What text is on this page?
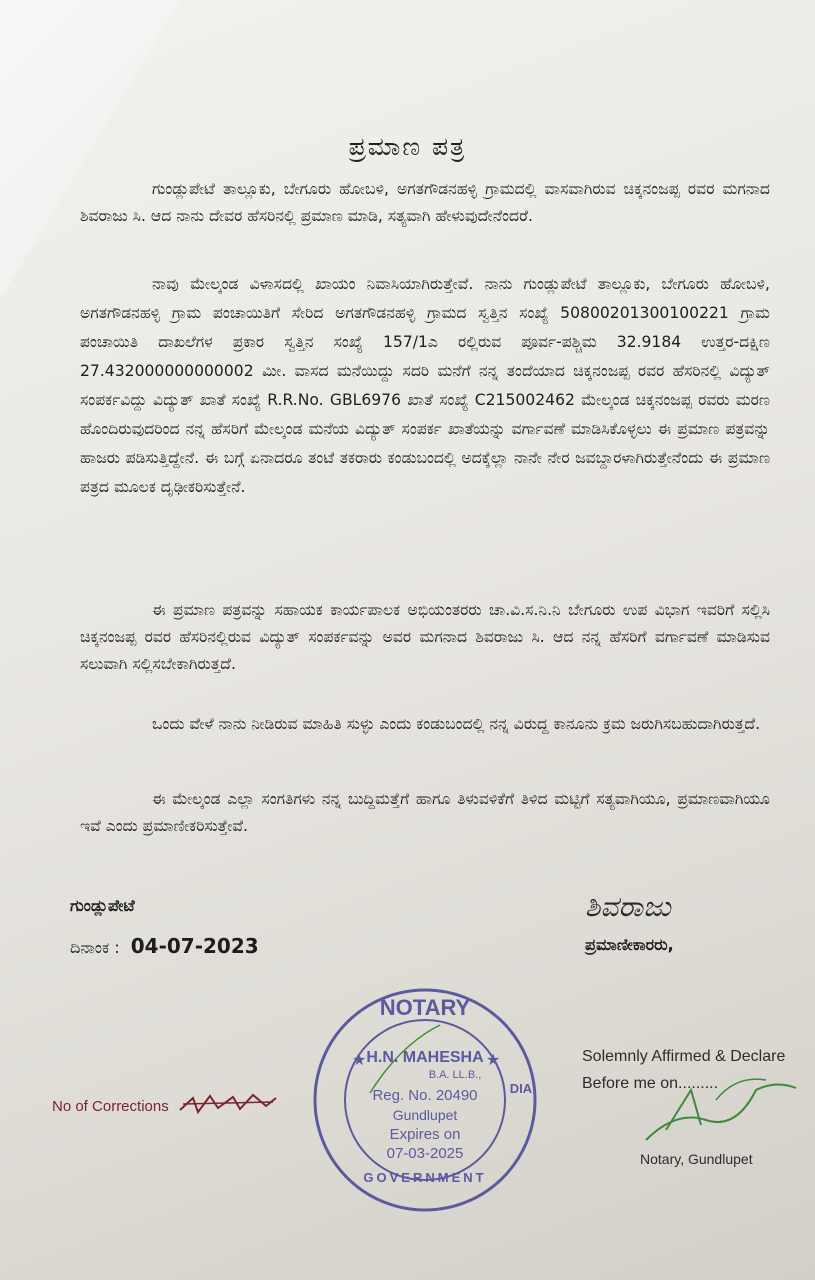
ಪ್ರಮಾಣ ಪತ್ರ

ಗುಂಡ್ಲುಪೇಟೆ ತಾಲ್ಲೂಕು, ಬೇಗೂರು ಹೋಬಳಿ, ಅಗತಗೌಡನಹಳ್ಳಿ ಗ್ರಾಮದಲ್ಲಿ ವಾಸವಾಗಿರುವ ಚಿಕ್ಕನಂಜಪ್ಪ ರವರ ಮಗನಾದ ಶಿವರಾಜು ಸಿ. ಆದ ನಾನು ದೇವರ ಹೆಸರಿನಲ್ಲಿ ಪ್ರಮಾಣ ಮಾಡಿ, ಸತ್ಯವಾಗಿ ಹೇಳುವುದೇನೆಂದರೆ.

ನಾವು ಮೇಲ್ಕಂಡ ವಿಳಾಸದಲ್ಲಿ ಖಾಯಂ ನಿವಾಸಿಯಾಗಿರುತ್ತೇವೆ. ನಾನು ಗುಂಡ್ಲುಪೇಟೆ ತಾಲ್ಲೂಕು, ಬೇಗೂರು ಹೋಬಳಿ, ಅಗತಗೌಡನಹಳ್ಳಿ ಗ್ರಾಮ ಪಂಚಾಯಿತಿಗೆ ಸೇರಿದ ಅಗತಗೌಡನಹಳ್ಳಿ ಗ್ರಾಮದ ಸ್ವತ್ತಿನ ಸಂಖ್ಯೆ 50800201300100221 ಗ್ರಾಮ ಪಂಚಾಯಿತಿ ದಾಖಲೆಗಳ ಪ್ರಕಾರ ಸ್ವತ್ತಿನ ಸಂಖ್ಯೆ 157/1ಎ ರಲ್ಲಿರುವ ಪೂರ್ವ-ಪಶ್ಚಿಮ 32.9184 ಉತ್ತರ-ದಕ್ಷಿಣ 27.432000000000002 ಮೀ. ವಾಸದ ಮನೆಯಿದ್ದು ಸದರಿ ಮನೆಗೆ ನನ್ನ ತಂದೆಯಾದ ಚಿಕ್ಕನಂಜಪ್ಪ ರವರ ಹೆಸರಿನಲ್ಲಿ ವಿದ್ಯುತ್ ಸಂಪರ್ಕವಿದ್ದು ವಿದ್ಯುತ್ ಖಾತೆ ಸಂಖ್ಯೆ R.R.No. GBL6976 ಖಾತೆ ಸಂಖ್ಯೆ C215002462 ಮೇಲ್ಕಂಡ ಚಿಕ್ಕನಂಜಪ್ಪ ರವರು ಮರಣ ಹೊಂದಿರುವುದರಿಂದ ನನ್ನ ಹೆಸರಿಗೆ ಮೇಲ್ಕಂಡ ಮನೆಯ ವಿದ್ಯುತ್ ಸಂಪರ್ಕ ಖಾತೆಯನ್ನು ವರ್ಗಾವಣೆ ಮಾಡಿಸಿಕೊಳ್ಳಲು ಈ ಪ್ರಮಾಣ ಪತ್ರವನ್ನು ಹಾಜರು ಪಡಿಸುತ್ತಿದ್ದೇನೆ. ಈ ಬಗ್ಗೆ ಏನಾದರೂ ತಂಟೆ ತಕರಾರು ಕಂಡುಬಂದಲ್ಲಿ ಅದಕ್ಕೆಲ್ಲಾ ನಾನೇ ನೇರ ಜವಬ್ದಾರಳಾಗಿರುತ್ತೇನೆಂದು ಈ ಪ್ರಮಾಣ ಪತ್ರದ ಮೂಲಕ ದೃಢೀಕರಿಸುತ್ತೇನೆ.

ಈ ಪ್ರಮಾಣ ಪತ್ರವನ್ನು ಸಹಾಯಕ ಕಾರ್ಯಪಾಲಕ ಅಭಿಯಂತರರು ಚಾ.ವಿ.ಸ.ನಿ.ನಿ ಬೇಗೂರು ಉಪ ವಿಭಾಗ ಇವರಿಗೆ ಸಲ್ಲಿಸಿ ಚಿಕ್ಕನಂಜಪ್ಪ ರವರ ಹೆಸರಿನಲ್ಲಿರುವ ವಿದ್ಯುತ್ ಸಂಪರ್ಕವನ್ನು ಅವರ ಮಗನಾದ ಶಿವರಾಜು ಸಿ. ಆದ ನನ್ನ ಹೆಸರಿಗೆ ವರ್ಗಾವಣೆ ಮಾಡಿಸುವ ಸಲುವಾಗಿ ಸಲ್ಲಿಸಬೇಕಾಗಿರುತ್ತದೆ.

ಒಂದು ವೇಳೆ ನಾನು ನೀಡಿರುವ ಮಾಹಿತಿ ಸುಳ್ಳು ಎಂದು ಕಂಡುಬಂದಲ್ಲಿ ನನ್ನ ವಿರುದ್ದ ಕಾನೂನು ಕ್ರಮ ಜರುಗಿಸಬಹುದಾಗಿರುತ್ತದೆ.

ಈ ಮೇಲ್ಕಂಡ ಎಲ್ಲಾ ಸಂಗತಿಗಳು ನನ್ನ ಬುದ್ದಿಮತ್ತೆಗೆ ಹಾಗೂ ತಿಳುವಳಿಕೆಗೆ ತಿಳಿದ ಮಟ್ಟಿಗೆ ಸತ್ಯವಾಗಿಯೂ, ಪ್ರಮಾಣವಾಗಿಯೂ ಇವೆ ಎಂದು ಪ್ರಮಾಣೀಕರಿಸುತ್ತೇವೆ.

ಗುಂಡ್ಲುಪೇಟೆ
ದಿನಾಂಕ : 04-07-2023
ಶಿವರಾಜು
ಪ್ರಮಾಣೀಕಾರರು,
★	★
NOTARY
H.N. MAHESHA
B.A. LL.B.,
Reg. No. 20490
Gundlupet
Expires on
07-03-2025
GOVERNMENT
DIA
No of Corrections
Solemnly Affirmed & Declare
Before me on.........
Notary, Gundlupet
